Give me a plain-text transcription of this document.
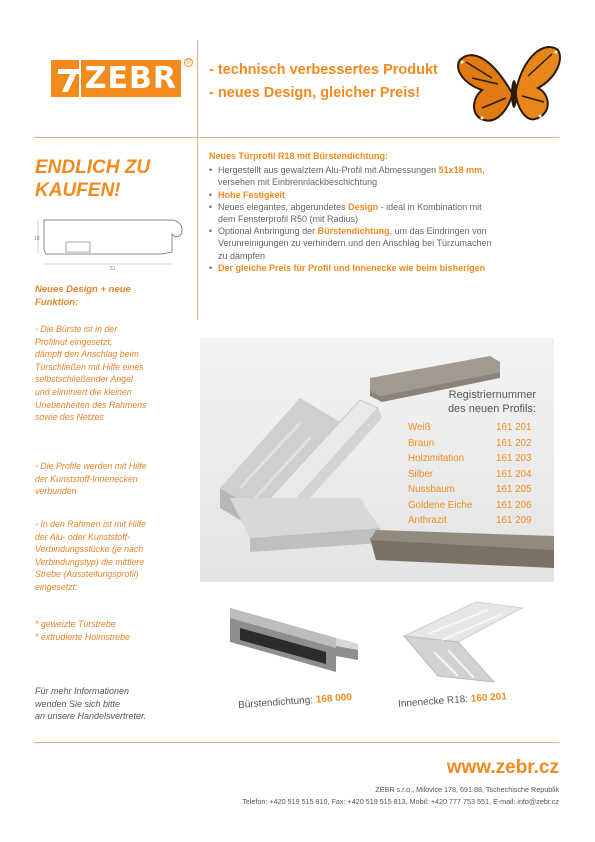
ZEBR	® - technisch verbessertes Produkt
- neues Design, gleicher Preis!
ENDLICH ZU
KAUFEN!
18
51
Neues Design + neue
Funktion:
- Die Bürste ist in der
Profilnut eingesetzt,
dämpft den Anschlag beim
Türschließen mit Hilfe eines
selbstschließender Angel
und eliminiert die kleinen
Unebenheiten des Rahmens
sowie des Netzes
- Die Profile werden mit Hilfe
der Kunststoff-Innenecken
verbunden
- In den Rahmen ist mit Hilfe
der Alu- oder Kunststoff-
Verbindungsstücke (je nach
Verbindungstyp) die mittlere
Strebe (Aussteifungsprofil)
eingesetzt:
* geweizte Türstrebe
* extrudierte Holmstrebe
Neues Türprofil R18 mit Bürstendichtung:
• Hergestellt aus gewalztem Alu-Profil mit Abmessungen 51x18 mm, versehen mit Einbrennlackbeschichtung
• Hohe Festigkeit
• Neues elegantes, abgerundetes Design - ideal in Kombination mit dem Fensterprofil R50 (mit Radius)
• Optional Anbringung der Bürstendichtung, um das Eindringen von Verunreinigungen zu verhindern und den Anschlag bei Türzumachen zu dämpfen
• Der gleiche Preis für Profil und Innenecke wie beim bisherigen
Registriernummer
des neuen Profils:
Weiß	161 201
Braun	161 202
Holzimitation	161 203
Silber	161 204
Nussbaum	161 205
Goldene Eiche	161 206
Anthrazit	161 209
Bürstendichtung: 168 000	Innenecke R18: 160 201
Für mehr Informationen
wenden Sie sich bitte
an unsere Handelsvertreter.
www.zebr.cz
ZEBR s.r.o., Milovice 178, 691 88, Tschechische Republik
Telefon: +420 519 515 810, Fax: +420 519 515 813, Mobil: +420 777 753 551, E-mail: info@zebr.cz
